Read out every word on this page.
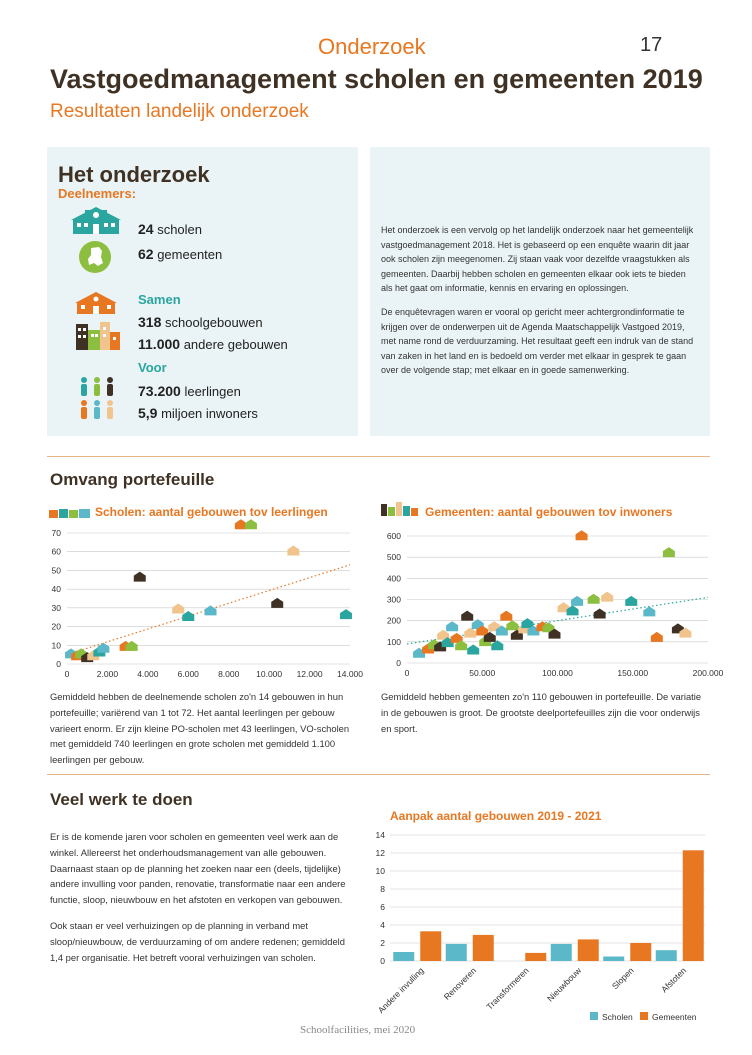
Onderzoek	17
Vastgoedmanagement scholen en gemeenten 2019
Resultaten landelijk onderzoek
Het onderzoek
Deelnemers:
24 scholen
62 gemeenten
Samen
318 schoolgebouwen
11.000 andere gebouwen
Voor
73.200 leerlingen
5,9 miljoen inwoners

Het onderzoek is een vervolg op het landelijk onderzoek naar het gemeentelijk vastgoedmanagement 2018. Het is gebaseerd op een enquête waarin dit jaar ook scholen zijn meegenomen. Zij staan vaak voor dezelfde vraagstukken als gemeenten. Daarbij hebben scholen en gemeenten elkaar ook iets te bieden als het gaat om informatie, kennis en ervaring en oplossingen.

De enquêtevragen waren er vooral op gericht meer achtergrondinformatie te krijgen over de onderwerpen uit de Agenda Maatschappelijk Vastgoed 2019, met name rond de verduurzaming. Het resultaat geeft een indruk van de stand van zaken in het land en is bedoeld om verder met elkaar in gesprek te gaan over de volgende stap; met elkaar en in goede samenwerking.

Omvang portefeuille
Scholen: aantal gebouwen tov leerlingen	Gemeenten: aantal gebouwen tov inwoners
0
10
20
30
40
50
60
70
0	2.000 4.000 6.000 8.000 10.000 12.000 14.000
0
100
200
300
400
500
600
0	50.000	100.000	150.000	200.000
Gemiddeld hebben de deelnemende scholen zo'n 14 gebouwen in hun portefeuille; variërend van 1 tot 72. Het aantal leerlingen per gebouw varieert enorm. Er zijn kleine PO-scholen met 43 leerlingen, VO-scholen met gemiddeld 740 leerlingen en grote scholen met gemiddeld 1.100 leerlingen per gebouw.
Gemiddeld hebben gemeenten zo'n 110 gebouwen in portefeuille. De variatie in de gebouwen is groot. De grootste deelportefeuilles zijn die voor onderwijs en sport.
Veel werk te doen

Er is de komende jaren voor scholen en gemeenten veel werk aan de winkel. Allereerst het onderhoudsmanagement van alle gebouwen. Daarnaast staan op de planning het zoeken naar een (deels, tijdelijke) andere invulling voor panden, renovatie, transformatie naar een andere functie, sloop, nieuwbouw en het afstoten en verkopen van gebouwen.

Ook staan er veel verhuizingen op de planning in verband met sloop/nieuwbouw, de verduurzaming of om andere redenen; gemiddeld 1,4 per organisatie. Het betreft vooral verhuizingen van scholen.

Aanpak aantal gebouwen 2019 - 2021
0
2
4
6
8
10
12
14
Andere invulling Renoveren Transformeren Nieuwbouw	Slopen	Afstoten
Scholen Gemeenten
Schoolfacilities, mei 2020
